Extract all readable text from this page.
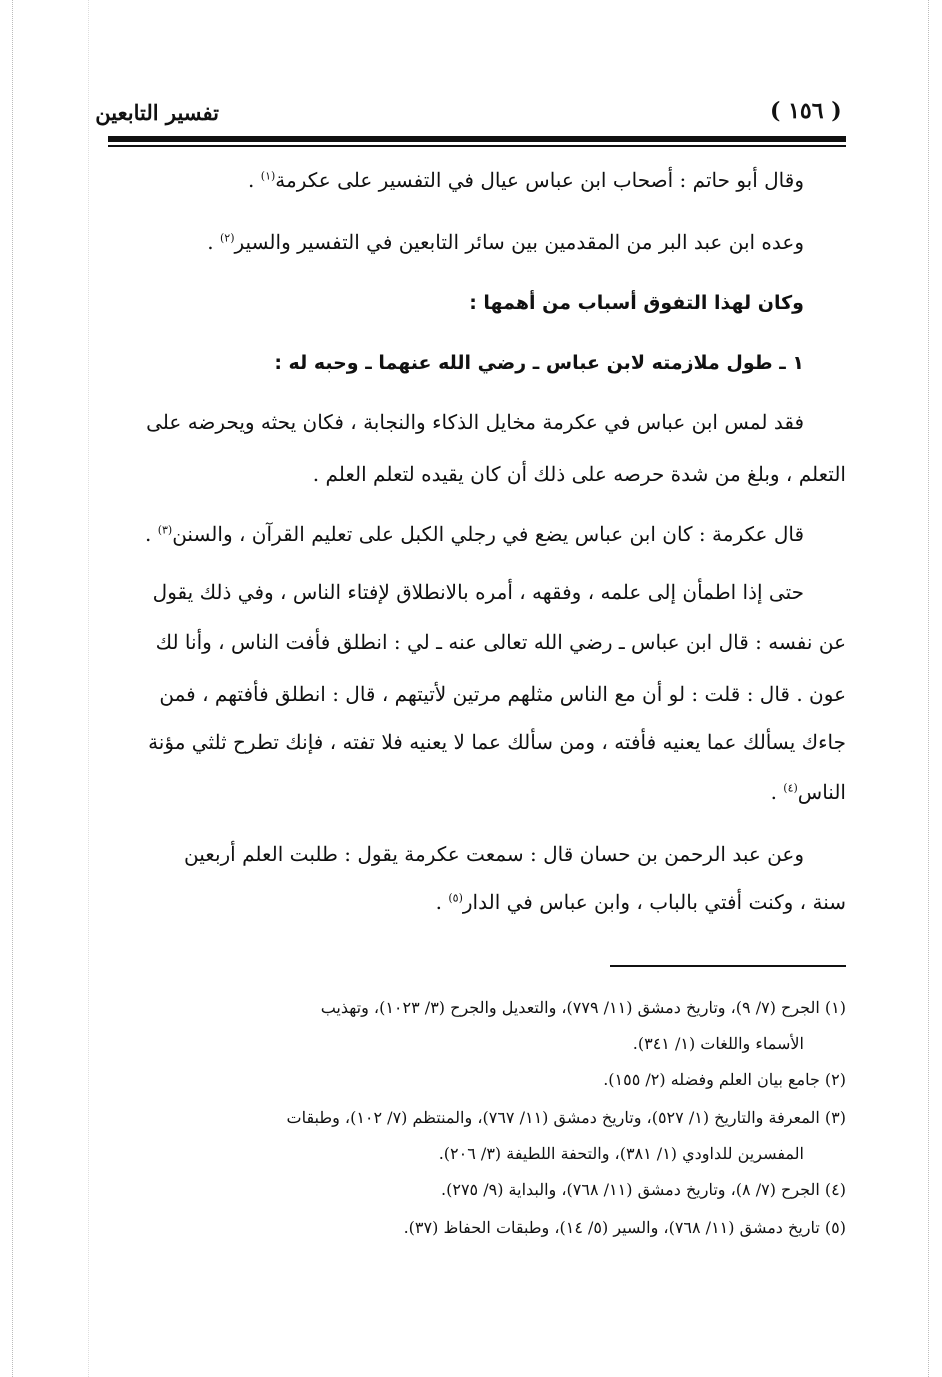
تفسير التابعين	( ١٥٦ )
وقال أبو حاتم : أصحاب ابن عباس عيال في التفسير على عكرمة$^{(١)}$ .
وعده ابن عبد البر من المقدمين بين سائر التابعين في التفسير والسير$^{(٢)}$ .
وكان لهذا التفوق أسباب من أهمها :
١ ـ طول ملازمته لابن عباس ـ رضي الله عنهما ـ وحبه له :
فقد لمس ابن عباس في عكرمة مخايل الذكاء والنجابة ، فكان يحثه ويحرضه على
التعلم ، وبلغ من شدة حرصه على ذلك أن كان يقيده لتعلم العلم .
قال عكرمة : كان ابن عباس يضع في رجلي الكبل على تعليم القرآن ، والسنن$^{(٣)}$ .
حتى إذا اطمأن إلى علمه ، وفقهه ، أمره بالانطلاق لإفتاء الناس ، وفي ذلك يقول
عن نفسه : قال ابن عباس ـ رضي الله تعالى عنه ـ لي : انطلق فأفت الناس ، وأنا لك
عون . قال : قلت : لو أن مع الناس مثلهم مرتين لأتيتهم ، قال : انطلق فأفتهم ، فمن
جاءك يسألك عما يعنيه فأفته ، ومن سألك عما لا يعنيه فلا تفته ، فإنك تطرح ثلثي مؤنة
الناس$^{(٤)}$ .
وعن عبد الرحمن بن حسان قال : سمعت عكرمة يقول : طلبت العلم أربعين
سنة ، وكنت أفتي بالباب ، وابن عباس في الدار$^{(٥)}$ .
(١) الجرح (٧/ ٩)، وتاريخ دمشق (١١/ ٧٧٩)، والتعديل والجرح (٣/ ١٠٢٣)، وتهذيب
الأسماء واللغات (١/ ٣٤١).
(٢) جامع بيان العلم وفضله (٢/ ١٥٥).
(٣) المعرفة والتاريخ (١/ ٥٢٧)، وتاريخ دمشق (١١/ ٧٦٧)، والمنتظم (٧/ ١٠٢)، وطبقات
المفسرين للداودي (١/ ٣٨١)، والتحفة اللطيفة (٣/ ٢٠٦).
(٤) الجرح (٧/ ٨)، وتاريخ دمشق (١١/ ٧٦٨)، والبداية (٩/ ٢٧٥).
(٥) تاريخ دمشق (١١/ ٧٦٨)، والسير (٥/ ١٤)، وطبقات الحفاظ (٣٧).
